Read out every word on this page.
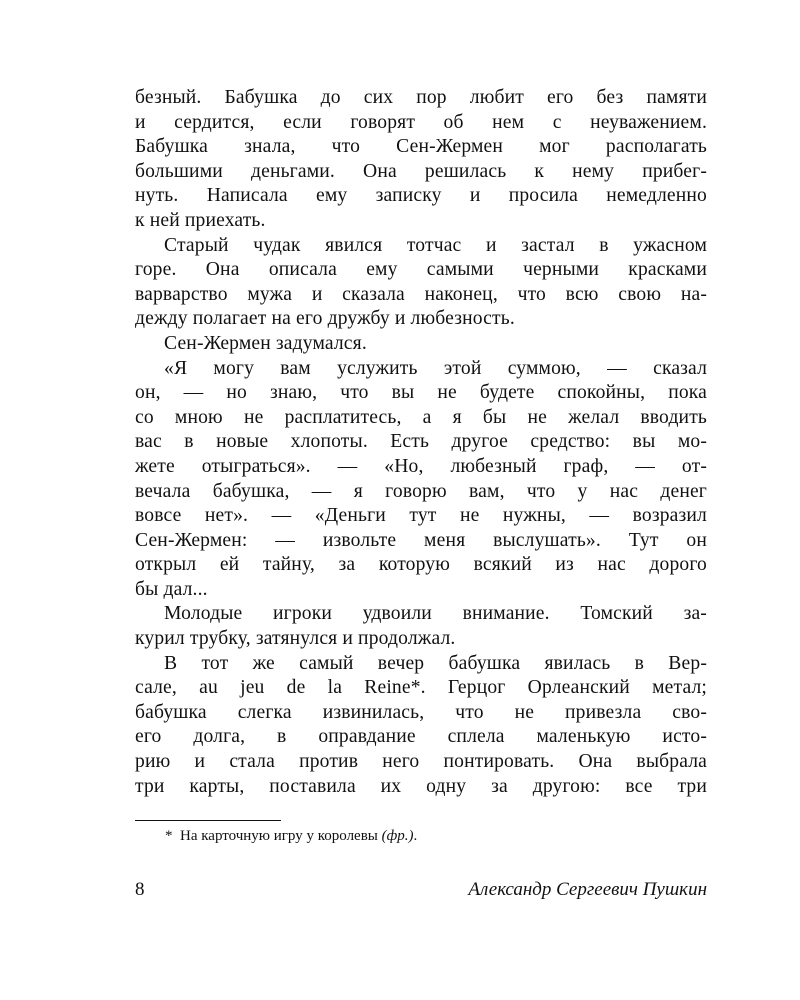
безный. Бабушка до сих пор любит его без памяти
и сердится, если говорят об нем с неуважением.
Бабушка знала, что Сен-Жермен мог располагать
большими деньгами. Она решилась к нему прибег-
нуть. Написала ему записку и просила немедленно
к ней приехать.
Старый чудак явился тотчас и застал в ужасном
горе. Она описала ему самыми черными красками
варварство мужа и сказала наконец, что всю свою на-
дежду полагает на его дружбу и любезность.
Сен-Жермен задумался.
«Я могу вам услужить этой суммою, — сказал
он, — но знаю, что вы не будете спокойны, пока
со мною не расплатитесь, а я бы не желал вводить
вас в новые хлопоты. Есть другое средство: вы мо-
жете отыграться». — «Но, любезный граф, — от-
вечала бабушка, — я говорю вам, что у нас денег
вовсе нет». — «Деньги тут не нужны, — возразил
Сен-Жермен: — извольте меня выслушать». Тут он
открыл ей тайну, за которую всякий из нас дорого
бы дал...
Молодые игроки удвоили внимание. Томский за-
курил трубку, затянулся и продолжал.
В тот же самый вечер бабушка явилась в Вер-
сале, au jeu de la Reine*. Герцог Орлеанский метал;
бабушка слегка извинилась, что не привезла сво-
его долга, в оправдание сплела маленькую исто-
рию и стала против него понтировать. Она выбрала
три карты, поставила их одну за другою: все три
* На карточную игру у королевы (фр.).
8	Александр Сергеевич Пушкин
